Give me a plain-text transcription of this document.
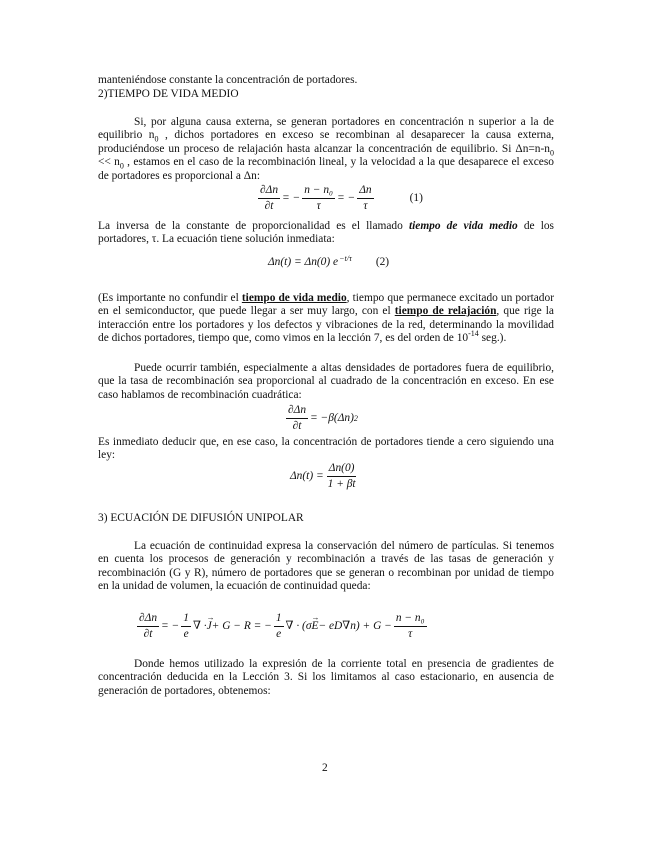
manteniéndose constante la concentración de portadores.
2)TIEMPO DE VIDA MEDIO
Si, por alguna causa externa, se generan portadores en concentración n superior a la de equilibrio $n_0$ , dichos portadores en exceso se recombinan al desaparecer la causa externa, produciéndose un proceso de relajación hasta alcanzar la concentración de equilibrio. Si $\Delta n=n-n_0 << n_0$ , estamos en el caso de la recombinación lineal, y la velocidad a la que desaparece el exceso de portadores es proporcional a Δn:
$\frac{\partial\Delta n}{\partial t}$ = − $\frac{\text{n − n₀}}{\tau}$ = − $\frac{\Delta n}{\tau}$	(1)
La inversa de la constante de proporcionalidad es el llamado tiempo de vida medio de los portadores, τ. La ecuación tiene solución inmediata:
Δn(t) = Δn(0) $e^{-t/\tau}$ (2)
(Es importante no confundir el tiempo de vida medio, tiempo que permanece excitado un portador en el semiconductor, que puede llegar a ser muy largo, con el tiempo de relajación, que rige la interacción entre los portadores y los defectos y vibraciones de la red, determinando la movilidad de dichos portadores, tiempo que, como vimos en la lección 7, es del orden de $10^{-14}$ seg.).
Puede ocurrir también, especialmente a altas densidades de portadores fuera de equilibrio, que la tasa de recombinación sea proporcional al cuadrado de la concentración en exceso. En ese caso hablamos de recombinación cuadrática:
$\frac{\partial\Delta n}{\partial t} = -\beta(\Delta n)$ 2
Es inmediato deducir que, en ese caso, la concentración de portadores tiende a cero siguiendo una ley:
$\Delta n(t) = \frac{\Delta n(0)}{1 + \beta t}$
3) ECUACIÓN DE DIFUSIÓN UNIPOLAR
La ecuación de continuidad expresa la conservación del número de partículas. Si tenemos en cuenta los procesos de generación y recombinación a través de las tasas de generación y recombinación (G y R), número de portadores que se generan o recombinan por unidad de tiempo en la unidad de volumen, la ecuación de continuidad queda:
$\frac{\partial\Delta n}{\partial t}$ = − $\frac{1}{e}$ ∇ ·
→ J + G − R = − $\frac{1}{e}$ ∇ · (σ
→ $E - eD\nabla n) + G - \frac{\text{n − n₀}}{\tau}$
Donde hemos utilizado la expresión de la corriente total en presencia de gradientes de concentración deducida en la Lección 3. Si los limitamos al caso estacionario, en ausencia de generación de portadores, obtenemos:
2
